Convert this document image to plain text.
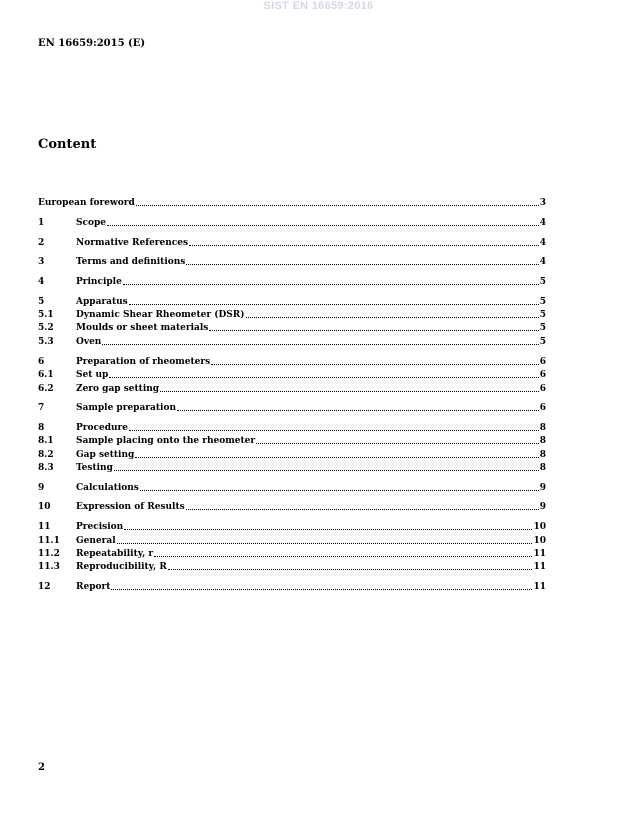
SIST EN 16659:2016
EN 16659:2015 (E)
Content
European foreword	3
1	Scope	4
2	Normative References	4
3	Terms and definitions	4
4	Principle	5
5	Apparatus	5
5.1	Dynamic Shear Rheometer (DSR)	5
5.2	Moulds or sheet materials	5
5.3	Oven	5
6	Preparation of rheometers	6
6.1	Set up	6
6.2	Zero gap setting	6
7	Sample preparation	6
8	Procedure	8
8.1	Sample placing onto the rheometer	8
8.2	Gap setting	8
8.3	Testing	8
9	Calculations	9
10	Expression of Results	9
11	Precision	10
11.1	General	10
11.2	Repeatability, r	11
11.3	Reproducibility, R	11
12	Report	11
2
